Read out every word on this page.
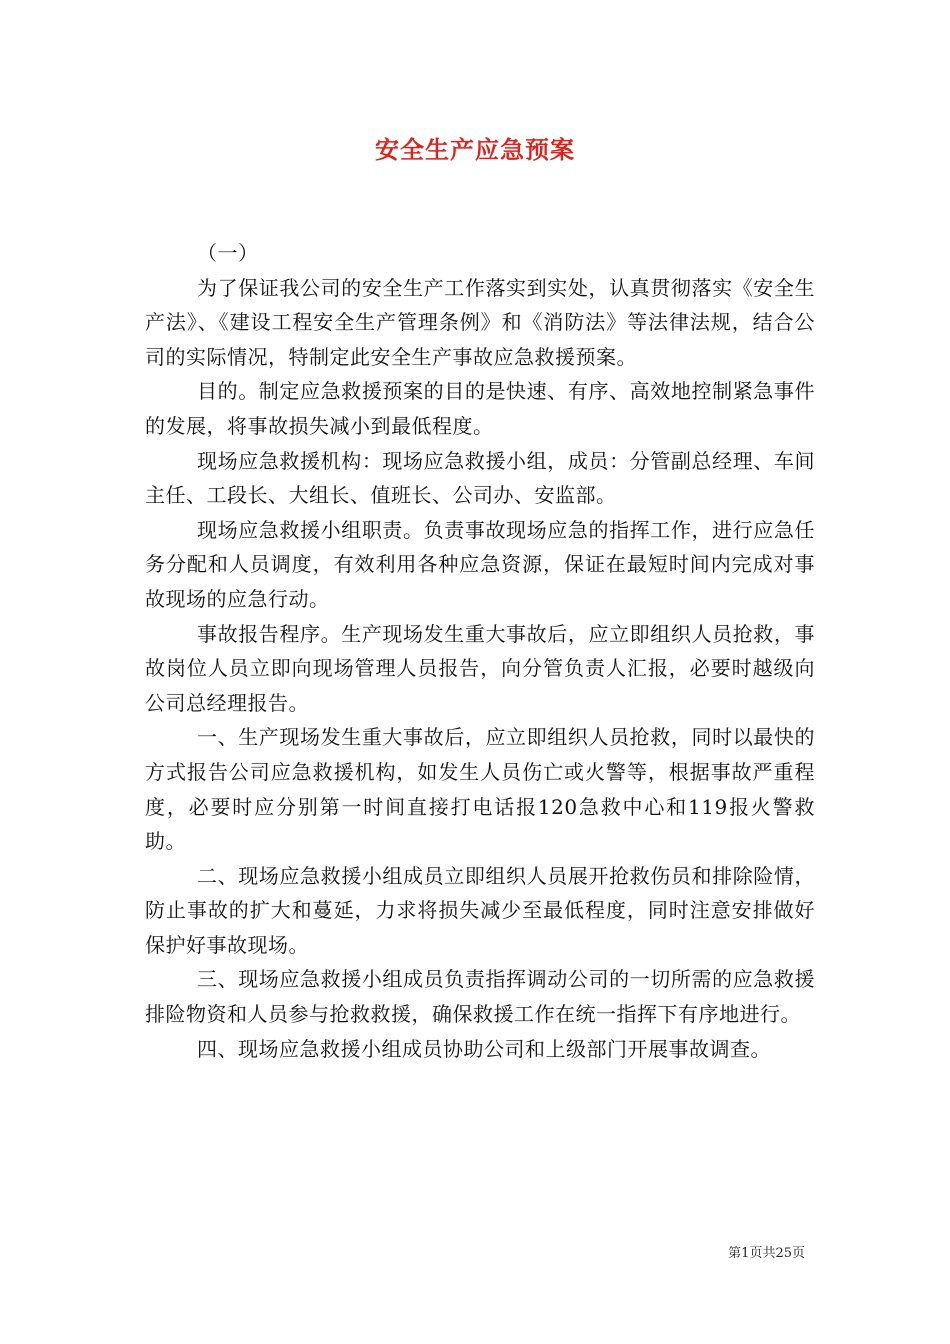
安全生产应急预案

（一）

为了保证我公司的安全生产工作落实到实处，认真贯彻落实《安全生产法》、《建设工程安全生产管理条例》和《消防法》等法律法规，结合公司的实际情况，特制定此安全生产事故应急救援预案。

目的。制定应急救援预案的目的是快速、有序、高效地控制紧急事件的发展，将事故损失减小到最低程度。

现场应急救援机构：现场应急救援小组，成员：分管副总经理、车间主任、工段长、大组长、值班长、公司办、安监部。

现场应急救援小组职责。负责事故现场应急的指挥工作，进行应急任务分配和人员调度，有效利用各种应急资源，保证在最短时间内完成对事故现场的应急行动。

事故报告程序。生产现场发生重大事故后，应立即组织人员抢救，事故岗位人员立即向现场管理人员报告，向分管负责人汇报，必要时越级向公司总经理报告。

一、生产现场发生重大事故后，应立即组织人员抢救，同时以最快的方式报告公司应急救援机构，如发生人员伤亡或火警等，根据事故严重程度，必要时应分别第一时间直接打电话报120急救中心和119报火警救助。

二、现场应急救援小组成员立即组织人员展开抢救伤员和排除险情，防止事故的扩大和蔓延，力求将损失减少至最低程度，同时注意安排做好保护好事故现场。

三、现场应急救援小组成员负责指挥调动公司的一切所需的应急救援排险物资和人员参与抢救救援，确保救援工作在统一指挥下有序地进行。

四、现场应急救援小组成员协助公司和上级部门开展事故调查。

第1页共25页
